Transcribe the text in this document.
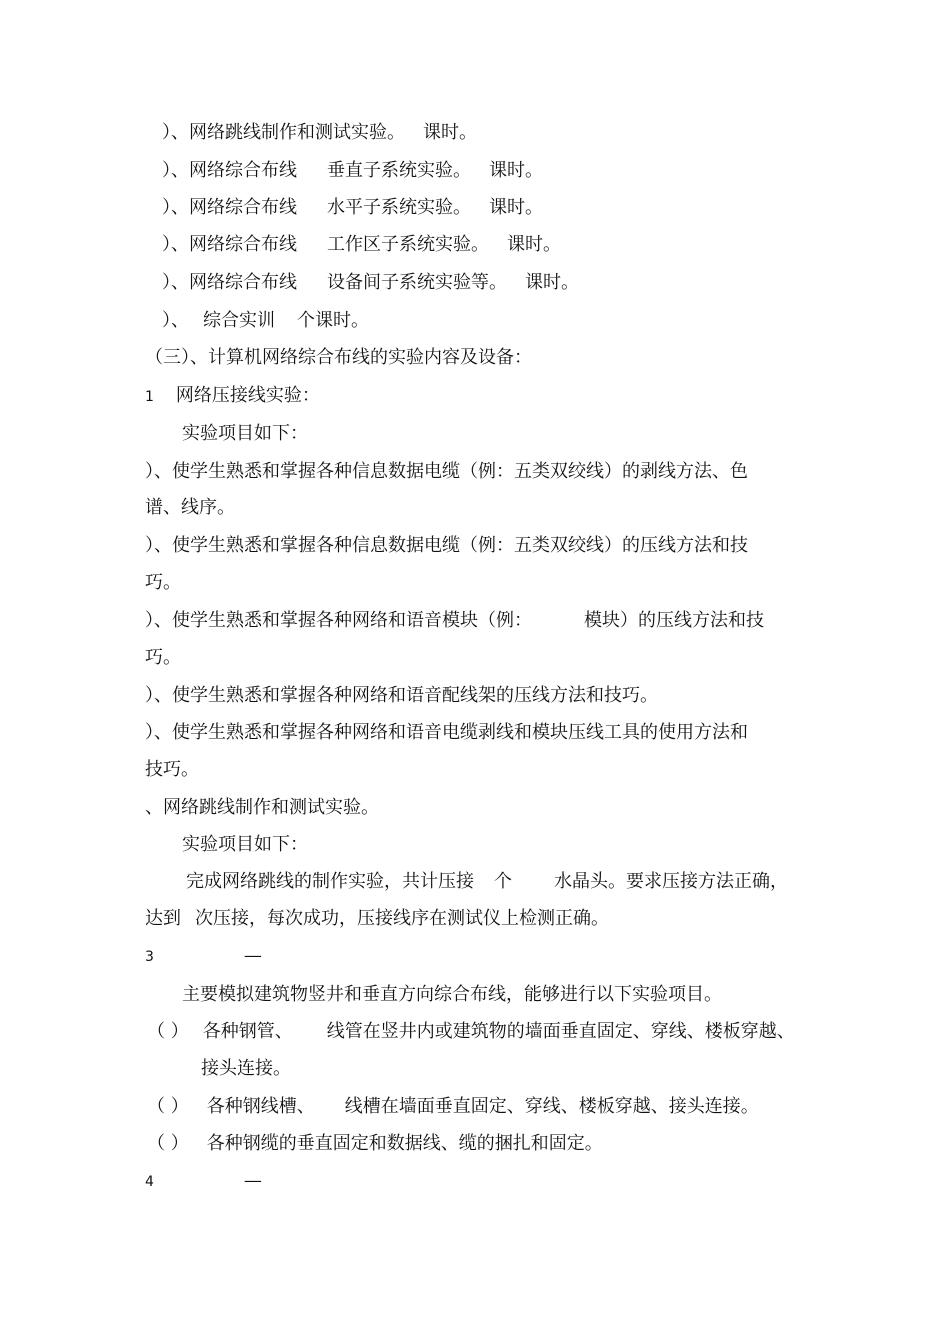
）、网络跳线制作和测试实验。 课时。
）、网络综合布线 垂直子系统实验。 课时。
）、网络综合布线 水平子系统实验。 课时。
）、网络综合布线 工作区子系统实验。 课时。
）、网络综合布线 设备间子系统实验等。 课时。
）、 综合实训 个课时。
（三）、计算机网络综合布线的实验内容及设备：
1 网络压接线实验：
实验项目如下：
）、使学生熟悉和掌握各种信息数据电缆（例：五类双绞线）的剥线方法、色
谱、线序。
）、使学生熟悉和掌握各种信息数据电缆（例：五类双绞线）的压线方法和技
巧。
）、使学生熟悉和掌握各种网络和语音模块（例：	模块）的压线方法和技
巧。
）、使学生熟悉和掌握各种网络和语音配线架的压线方法和技巧。
）、使学生熟悉和掌握各种网络和语音电缆剥线和模块压线工具的使用方法和
技巧。
、网络跳线制作和测试实验。
实验项目如下：
完成网络跳线的制作实验，共计压接 个 水晶头。要求压接方法正确，
达到 次压接，每次成功，压接线序在测试仪上检测正确。
3	—
主要模拟建筑物竖井和垂直方向综合布线，能够进行以下实验项目。
（ ） 各种钢管、 线管在竖井内或建筑物的墙面垂直固定、穿线、楼板穿越、
接头连接。
（ ） 各种钢线槽、 线槽在墙面垂直固定、穿线、楼板穿越、接头连接。
（ ） 各种钢缆的垂直固定和数据线、缆的捆扎和固定。
4	—
